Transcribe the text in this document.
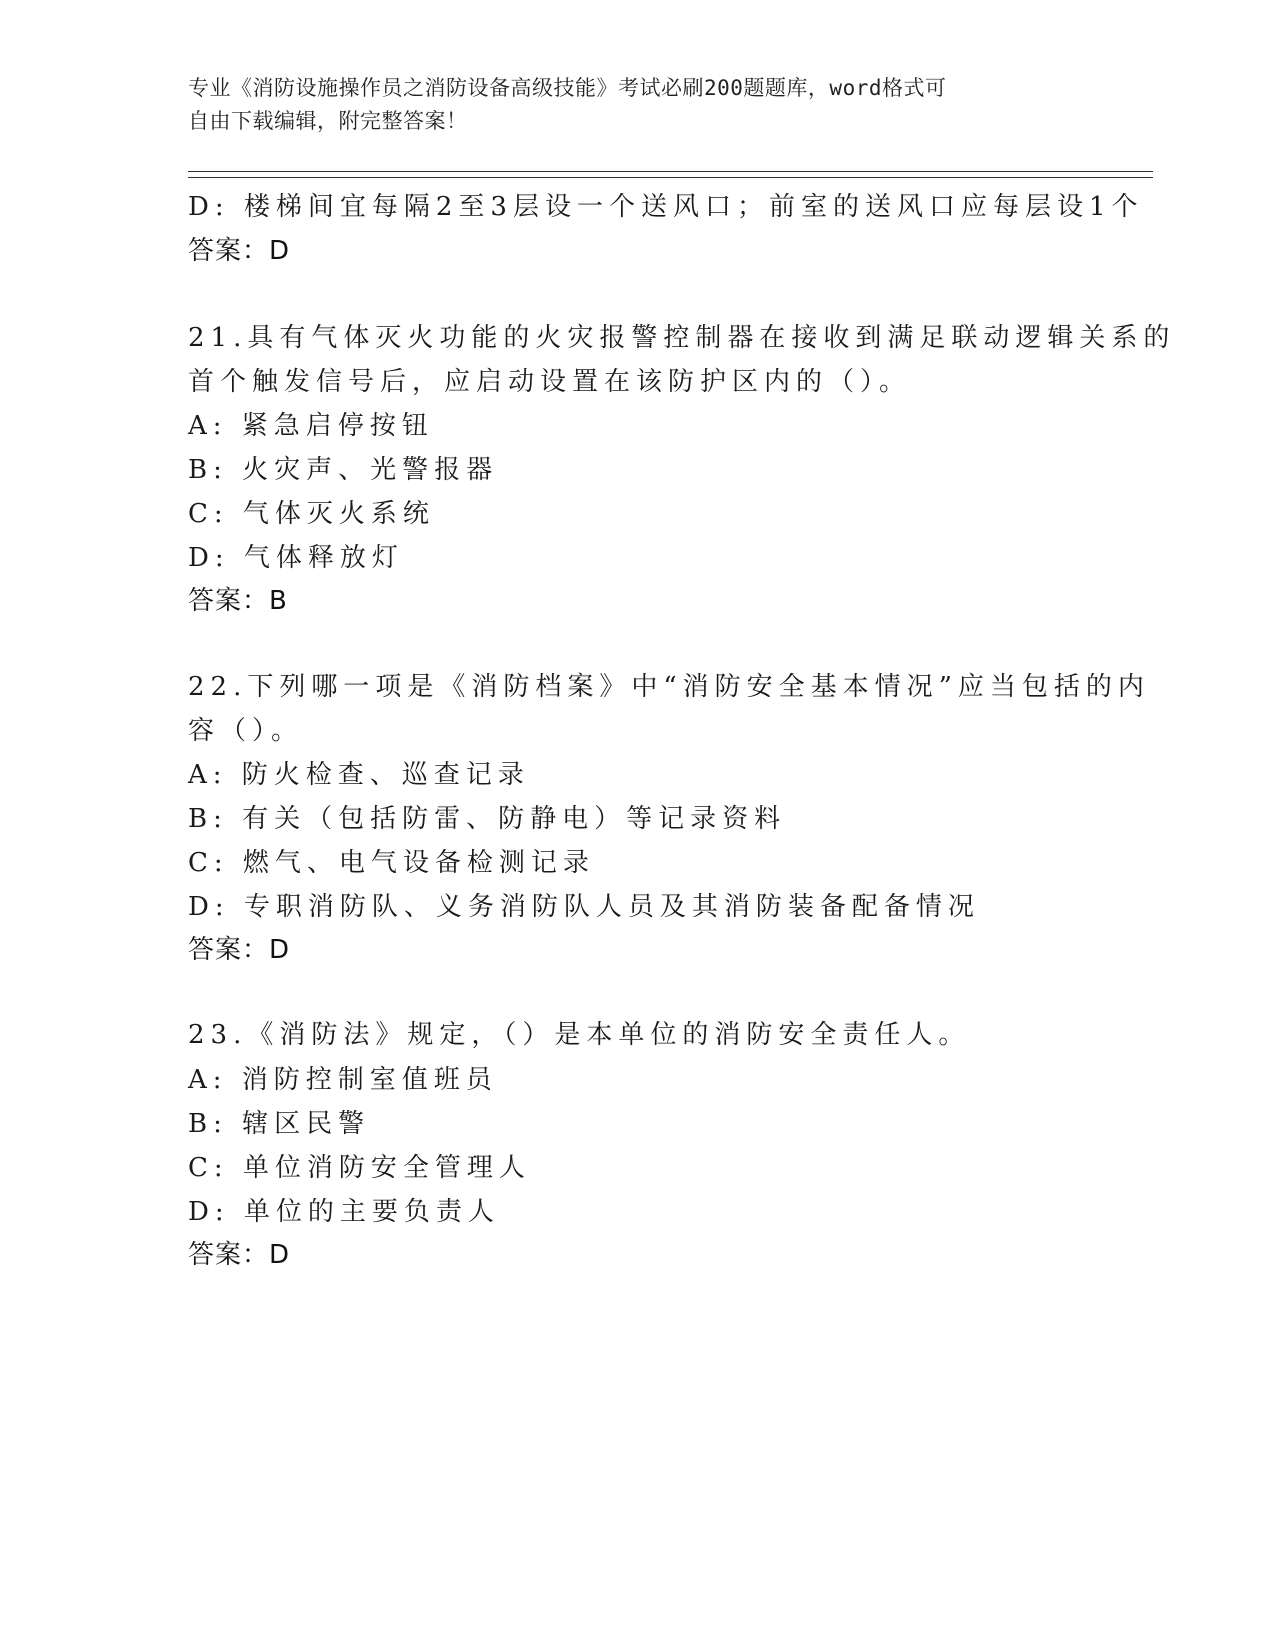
专业《消防设施操作员之消防设备高级技能》考试必刷200题题库，word格式可
自由下载编辑，附完整答案！
D: 楼梯间宜每隔2至3层设一个送风口；前室的送风口应每层设1个
答案：D
21.具有气体灭火功能的火灾报警控制器在接收到满足联动逻辑关系的
首个触发信号后，应启动设置在该防护区内的（）。
A: 紧急启停按钮
B: 火灾声、光警报器
C: 气体灭火系统
D: 气体释放灯
答案：B
22.下列哪一项是《消防档案》中“消防安全基本情况”应当包括的内
容（）。
A: 防火检查、巡查记录
B: 有关（包括防雷、防静电）等记录资料
C: 燃气、电气设备检测记录
D: 专职消防队、义务消防队人员及其消防装备配备情况
答案：D
23.《消防法》规定，（）是本单位的消防安全责任人。
A: 消防控制室值班员
B: 辖区民警
C: 单位消防安全管理人
D: 单位的主要负责人
答案：D
